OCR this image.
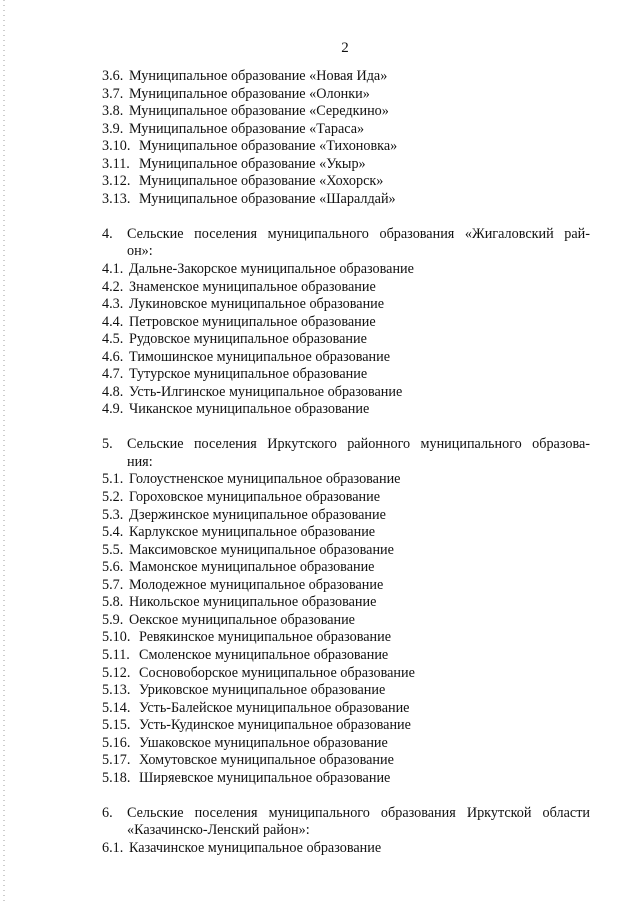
2
3.6. Муниципальное образование «Новая Ида»
3.7. Муниципальное образование «Олонки»
3.8. Муниципальное образование «Середкино»
3.9. Муниципальное образование «Тараса»
3.10. Муниципальное образование «Тихоновка»
3.11. Муниципальное образование «Укыр»
3.12. Муниципальное образование «Хохорск»
3.13. Муниципальное образование «Шаралдай»
4.	Сельские поселения муниципального образования «Жигаловский рай-
он»:
4.1. Дальне-Закорское муниципальное образование
4.2. Знаменское муниципальное образование
4.3. Лукиновское муниципальное образование
4.4. Петровское муниципальное образование
4.5. Рудовское муниципальное образование
4.6. Тимошинское муниципальное образование
4.7. Тутурское муниципальное образование
4.8. Усть-Илгинское муниципальное образование
4.9. Чиканское муниципальное образование
5.	Сельские поселения Иркутского районного муниципального образова-
ния:
5.1. Голоустненское муниципальное образование
5.2. Гороховское муниципальное образование
5.3. Дзержинское муниципальное образование
5.4. Карлукское муниципальное образование
5.5. Максимовское муниципальное образование
5.6. Мамонское муниципальное образование
5.7. Молодежное муниципальное образование
5.8. Никольское муниципальное образование
5.9. Оекское муниципальное образование
5.10. Ревякинское муниципальное образование
5.11. Смоленское муниципальное образование
5.12. Сосновоборское муниципальное образование
5.13. Уриковское муниципальное образование
5.14. Усть-Балейское муниципальное образование
5.15. Усть-Кудинское муниципальное образование
5.16. Ушаковское муниципальное образование
5.17. Хомутовское муниципальное образование
5.18. Ширяевское муниципальное образование
6.	Сельские поселения муниципального образования Иркутской области
«Казачинско-Ленский район»:
6.1. Казачинское муниципальное образование
